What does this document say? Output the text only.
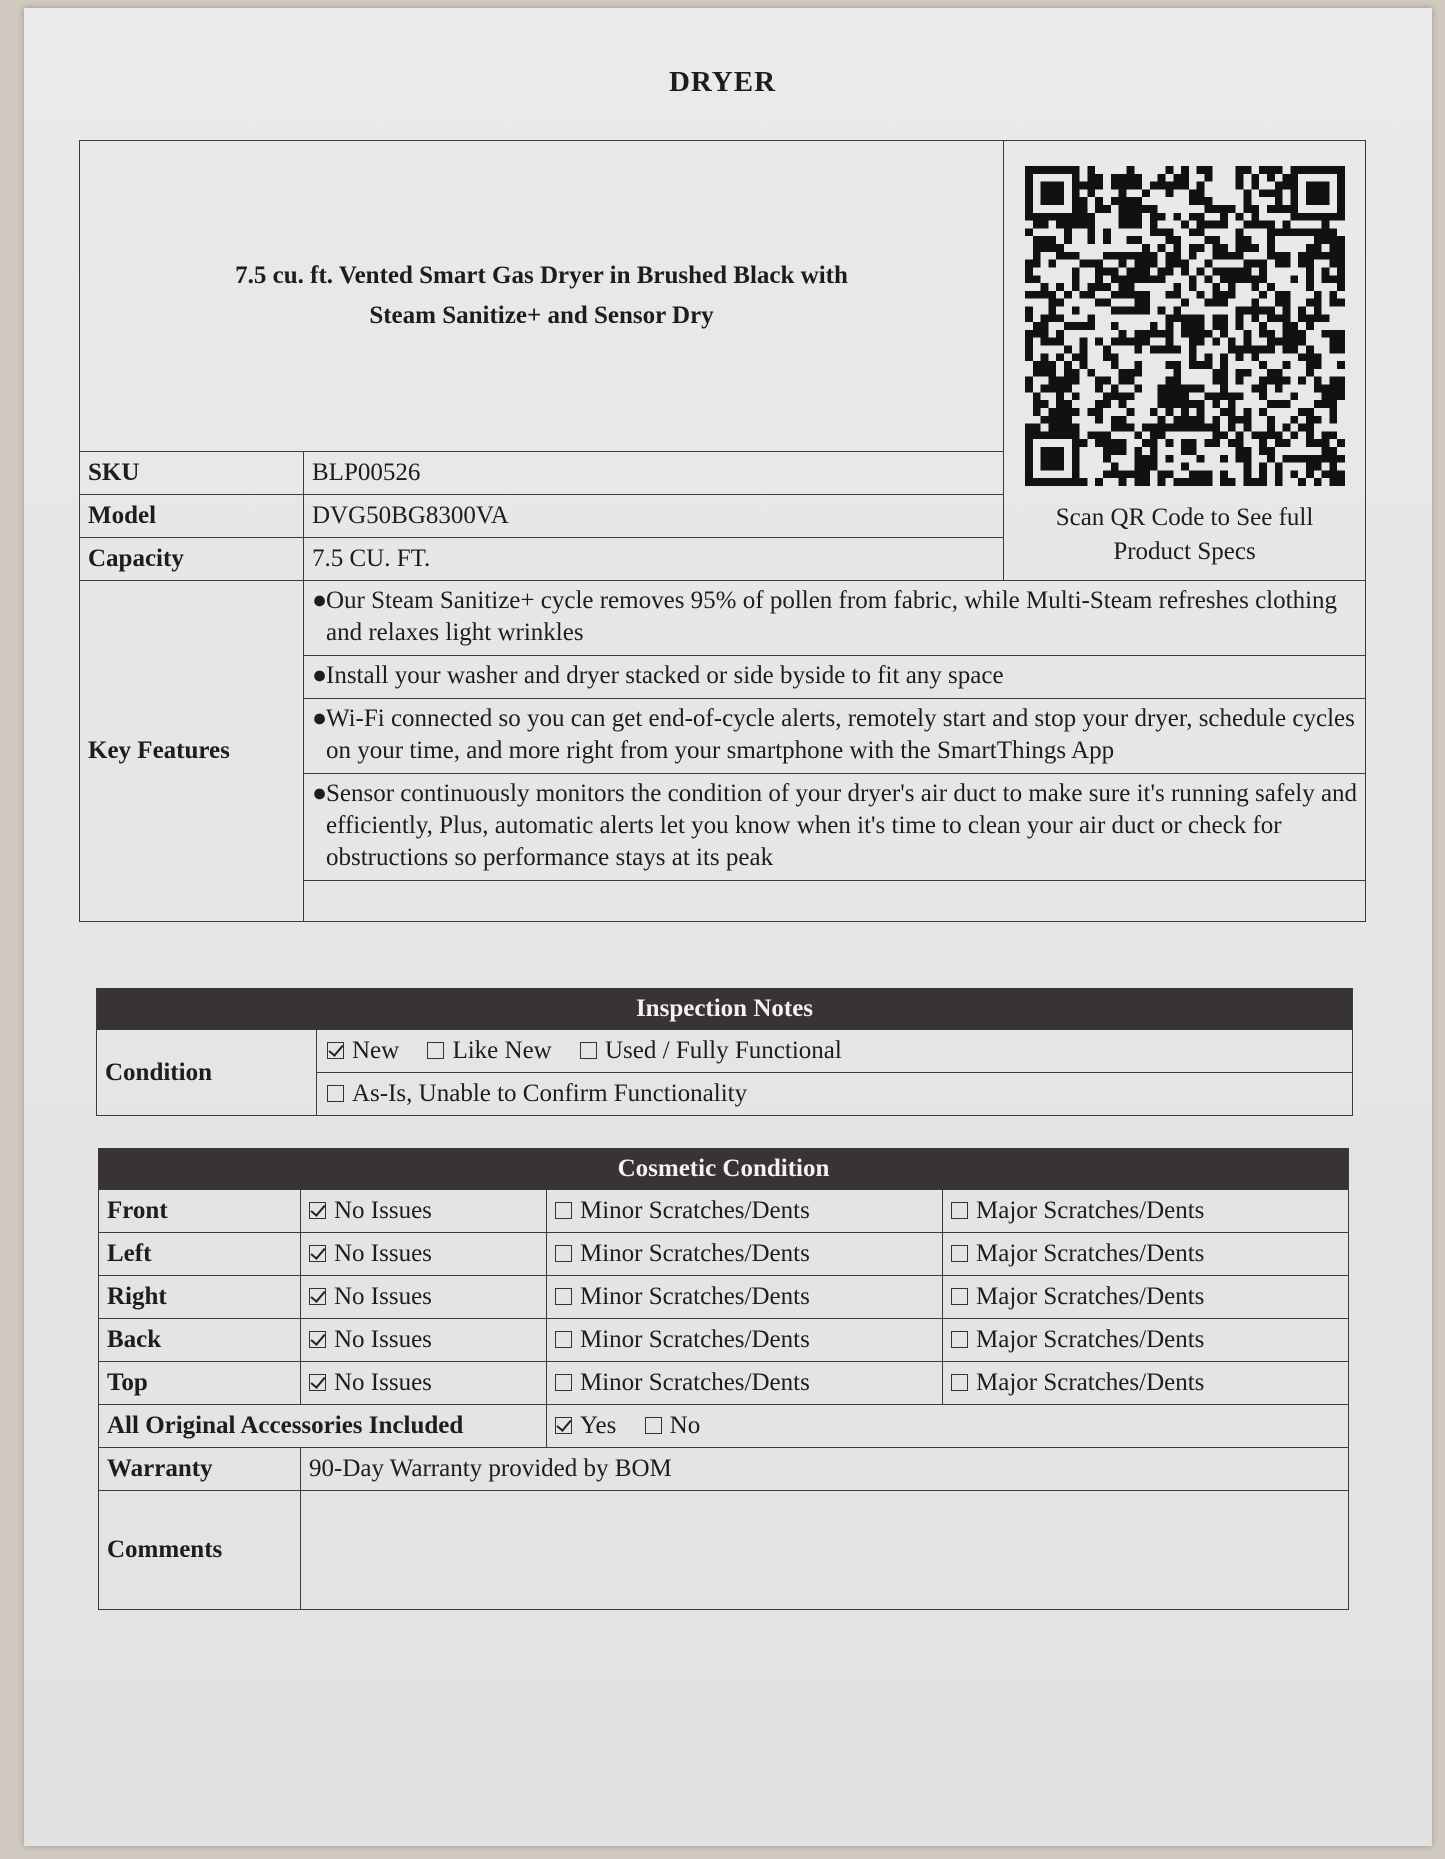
DRYER
7.5 cu. ft. Vented Smart Gas Dryer in Brushed Black with
Steam Sanitize+ and Sensor Dry		Scan QR Code to See full
Product Specs
SKU	BLP00526	
Model	DVG50BG8300VA	
Capacity	7.5 CU. FT.	
Key Features	●
Our Steam Sanitize+ cycle removes 95% of pollen from fabric, while Multi-Steam refreshes clothing and relaxes light wrinkles	

	●
Install your washer and dryer stacked or side byside to fit any space	

	●
Wi-Fi connected so you can get end-of-cycle alerts, remotely start and stop your dryer, schedule cycles on your time, and more right from your smartphone with the SmartThings App	

	●
Sensor continuously monitors the condition of your dryer's air duct to make sure it's running safely and efficiently, Plus, automatic alerts let you know when it's time to clean your air duct or check for obstructions so performance stays at its peak	

Inspection Notes
Condition	New Like New Used / Fully Functional
As-Is, Unable to Confirm Functionality
Cosmetic Condition			
Front	No Issues	Minor Scratches/Dents	Major Scratches/Dents
Left	No Issues	Minor Scratches/Dents	Major Scratches/Dents
Right	No Issues	Minor Scratches/Dents	Major Scratches/Dents
Back	No Issues	Minor Scratches/Dents	Major Scratches/Dents
Top	No Issues	Minor Scratches/Dents	Major Scratches/Dents
All Original Accessories Included		Yes No	
Warranty	90-Day Warranty provided by BOM		
Comments			
